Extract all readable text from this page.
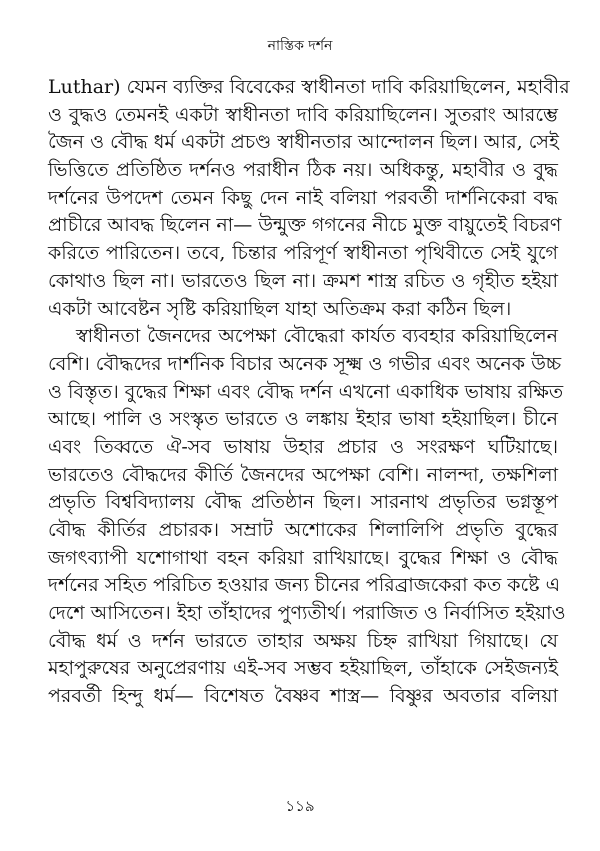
নাস্তিক দর্শন
Luthar) যেমন ব্যক্তির বিবেকের স্বাধীনতা দাবি করিয়াছিলেন, মহাবীর
ও বুদ্ধও তেমনই একটা স্বাধীনতা দাবি করিয়াছিলেন। সুতরাং আরম্ভে
জৈন ও বৌদ্ধ ধর্ম একটা প্রচণ্ড স্বাধীনতার আন্দোলন ছিল। আর, সেই
ভিত্তিতে প্রতিষ্ঠিত দর্শনও পরাধীন ঠিক নয়। অধিকন্তু, মহাবীর ও বুদ্ধ
দর্শনের উপদেশ তেমন কিছু দেন নাই বলিয়া পরবর্তী দার্শনিকেরা বদ্ধ
প্রাচীরে আবদ্ধ ছিলেন না— উন্মুক্ত গগনের নীচে মুক্ত বায়ুতেই বিচরণ
করিতে পারিতেন। তবে, চিন্তার পরিপূর্ণ স্বাধীনতা পৃথিবীতে সেই যুগে
কোথাও ছিল না। ভারতেও ছিল না। ক্রমশ শাস্ত্র রচিত ও গৃহীত হইয়া
একটা আবেষ্টন সৃষ্টি করিয়াছিল যাহা অতিক্রম করা কঠিন ছিল।
স্বাধীনতা জৈনদের অপেক্ষা বৌদ্ধেরা কার্যত ব্যবহার করিয়াছিলেন
বেশি। বৌদ্ধদের দার্শনিক বিচার অনেক সূক্ষ্ম ও গভীর এবং অনেক উচ্চ
ও বিস্তৃত। বুদ্ধের শিক্ষা এবং বৌদ্ধ দর্শন এখনো একাধিক ভাষায় রক্ষিত
আছে। পালি ও সংস্কৃত ভারতে ও লঙ্কায় ইহার ভাষা হইয়াছিল। চীনে
এবং তিব্বতে ঐ-সব ভাষায় উহার প্রচার ও সংরক্ষণ ঘটিয়াছে।
ভারতেও বৌদ্ধদের কীর্তি জৈনদের অপেক্ষা বেশি। নালন্দা, তক্ষশিলা
প্রভৃতি বিশ্ববিদ্যালয় বৌদ্ধ প্রতিষ্ঠান ছিল। সারনাথ প্রভৃতির ভগ্নস্তূপ
বৌদ্ধ কীর্তির প্রচারক। সম্রাট অশোকের শিলালিপি প্রভৃতি বুদ্ধের
জগৎব্যাপী যশোগাথা বহন করিয়া রাখিয়াছে। বুদ্ধের শিক্ষা ও বৌদ্ধ
দর্শনের সহিত পরিচিত হওয়ার জন্য চীনের পরিব্রাজকেরা কত কষ্টে এ
দেশে আসিতেন। ইহা তাঁহাদের পুণ্যতীর্থ। পরাজিত ও নির্বাসিত হইয়াও
বৌদ্ধ ধর্ম ও দর্শন ভারতে তাহার অক্ষয় চিহ্ন রাখিয়া গিয়াছে। যে
মহাপুরুষের অনুপ্রেরণায় এই-সব সম্ভব হইয়াছিল, তাঁহাকে সেইজন্যই
পরবর্তী হিন্দু ধর্ম— বিশেষত বৈষ্ণব শাস্ত্র— বিষ্ণুর অবতার বলিয়া
১১৯
